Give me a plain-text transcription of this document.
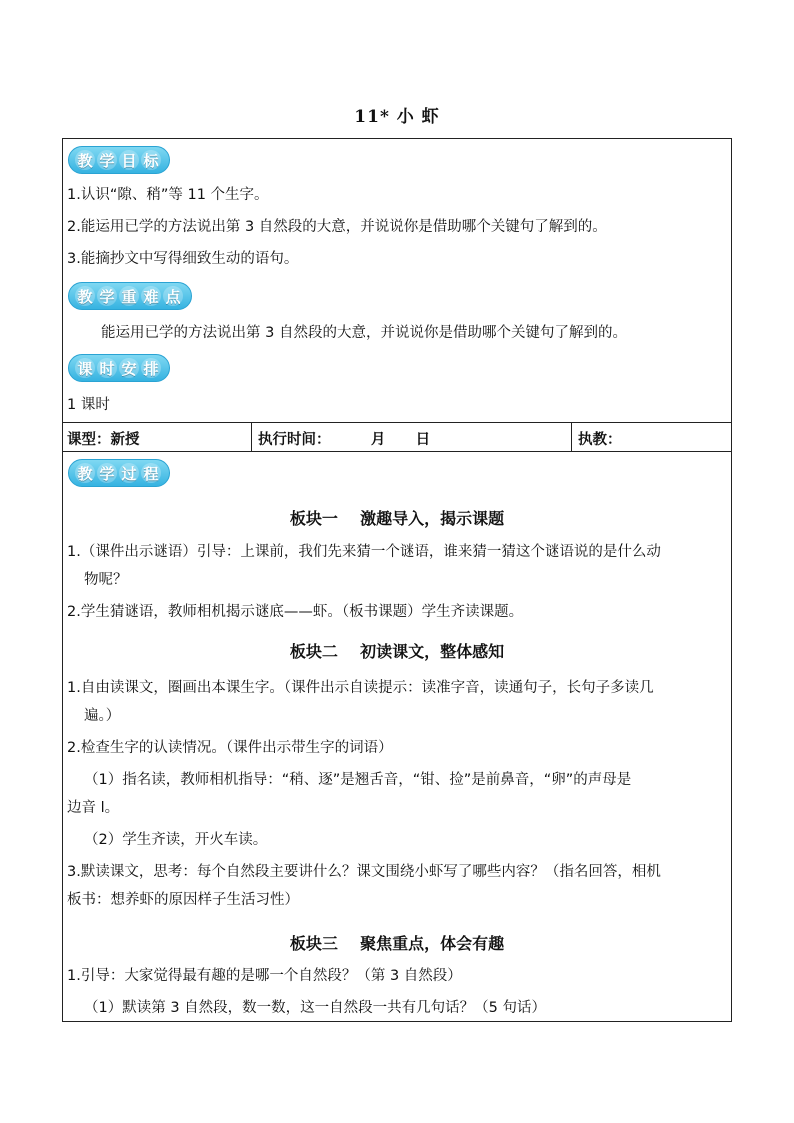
11* 小 虾
教 学 目 标
1.认识“隙、稍”等 11 个生字。
2.能运用已学的方法说出第 3 自然段的大意，并说说你是借助哪个关键句了解到的。
3.能摘抄文中写得细致生动的语句。
教 学 重 难 点
能运用已学的方法说出第 3 自然段的大意，并说说你是借助哪个关键句了解到的。
课 时 安 排
1 课时
课型：新授	执行时间：        月      日	执教：
教 学 过 程
板块一    激趣导入，揭示课题
1.（课件出示谜语）引导：上课前，我们先来猜一个谜语，谁来猜一猜这个谜语说的是什么动
物呢？
2.学生猜谜语，教师相机揭示谜底——虾。（板书课题）学生齐读课题。
板块二    初读课文，整体感知
1.自由读课文，圈画出本课生字。（课件出示自读提示：读准字音，读通句子，长句子多读几
遍。）
2.检查生字的认读情况。（课件出示带生字的词语）
（1）指名读，教师相机指导：“稍、逐”是翘舌音，“钳、捡”是前鼻音，“卵”的声母是
边音 l。
（2）学生齐读，开火车读。
3.默读课文，思考：每个自然段主要讲什么？课文围绕小虾写了哪些内容？（指名回答，相机
板书：想养虾的原因样子生活习性）
板块三    聚焦重点，体会有趣
1.引导：大家觉得最有趣的是哪一个自然段？（第 3 自然段）
（1）默读第 3 自然段，数一数，这一自然段一共有几句话？（5 句话）
